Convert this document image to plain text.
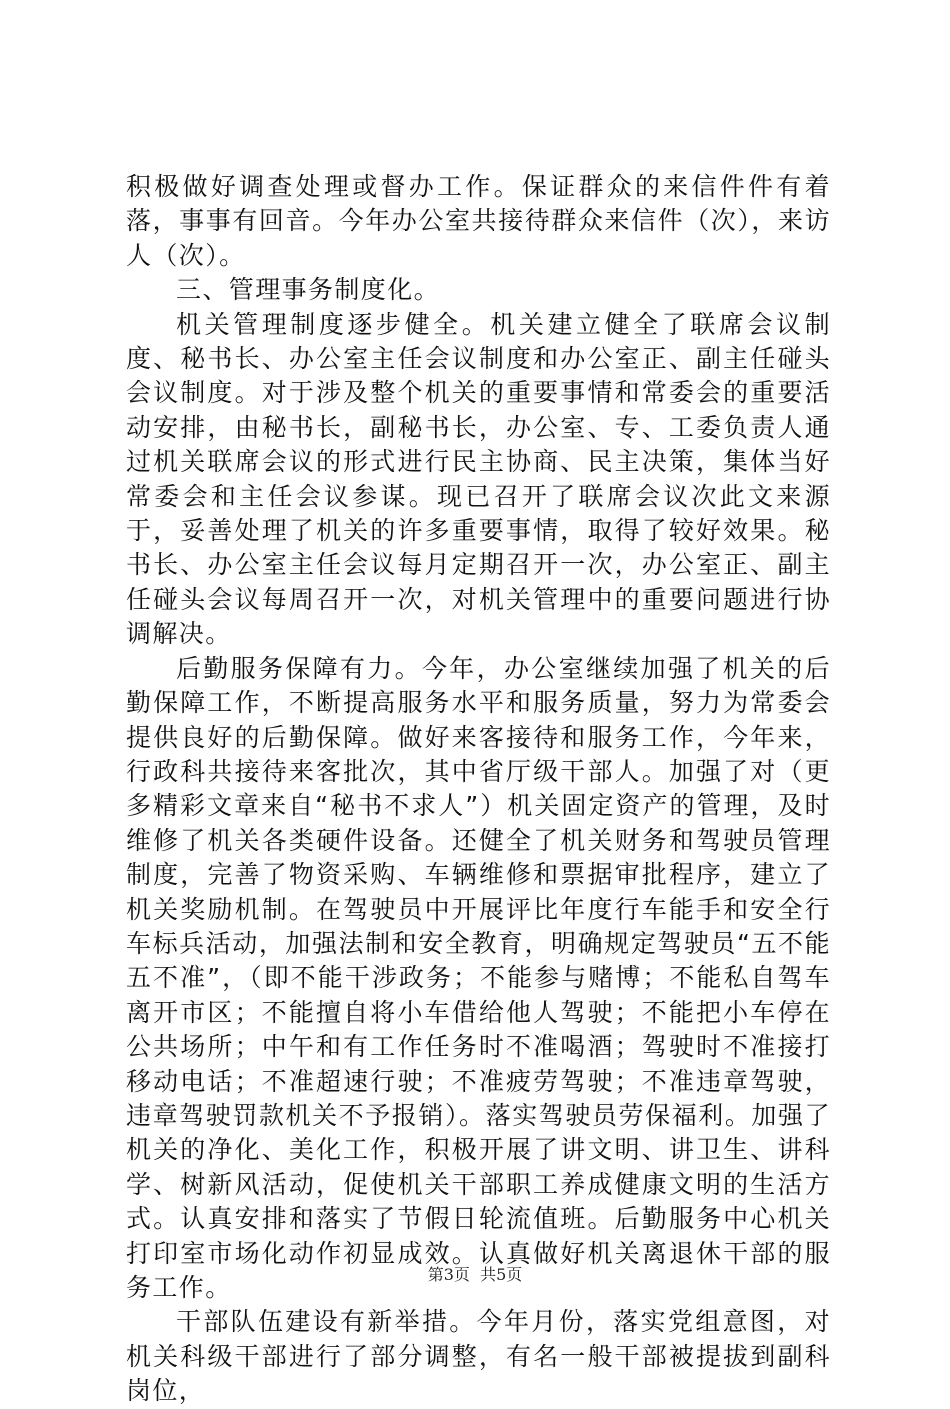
积极做好调查处理或督办工作。保证群众的来信件件有着落，事事有回音。今年办公室共接待群众来信件（次），来访人（次）。

三、管理事务制度化。

机关管理制度逐步健全。机关建立健全了联席会议制度、秘书长、办公室主任会议制度和办公室正、副主任碰头会议制度。对于涉及整个机关的重要事情和常委会的重要活动安排，由秘书长，副秘书长，办公室、专、工委负责人通过机关联席会议的形式进行民主协商、民主决策，集体当好常委会和主任会议参谋。现已召开了联席会议次此文来源于，妥善处理了机关的许多重要事情，取得了较好效果。秘书长、办公室主任会议每月定期召开一次，办公室正、副主任碰头会议每周召开一次，对机关管理中的重要问题进行协调解决。

后勤服务保障有力。今年，办公室继续加强了机关的后勤保障工作，不断提高服务水平和服务质量，努力为常委会提供良好的后勤保障。做好来客接待和服务工作，今年来，行政科共接待来客批次，其中省厅级干部人。加强了对（更多精彩文章来自“秘书不求人”）机关固定资产的管理，及时维修了机关各类硬件设备。还健全了机关财务和驾驶员管理制度，完善了物资采购、车辆维修和票据审批程序，建立了机关奖励机制。在驾驶员中开展评比年度行车能手和安全行车标兵活动，加强法制和安全教育，明确规定驾驶员“五不能五不准”，（即不能干涉政务；不能参与赌博；不能私自驾车离开市区；不能擅自将小车借给他人驾驶；不能把小车停在公共场所；中午和有工作任务时不准喝酒；驾驶时不准接打移动电话；不准超速行驶；不准疲劳驾驶；不准违章驾驶，违章驾驶罚款机关不予报销）。落实驾驶员劳保福利。加强了机关的净化、美化工作，积极开展了讲文明、讲卫生、讲科学、树新风活动，促使机关干部职工养成健康文明的生活方式。认真安排和落实了节假日轮流值班。后勤服务中心机关打印室市场化动作初显成效。认真做好机关离退休干部的服务工作。

干部队伍建设有新举措。今年月份，落实党组意图，对机关科级干部进行了部分调整，有名一般干部被提拔到副科岗位，

第3页  共5页
